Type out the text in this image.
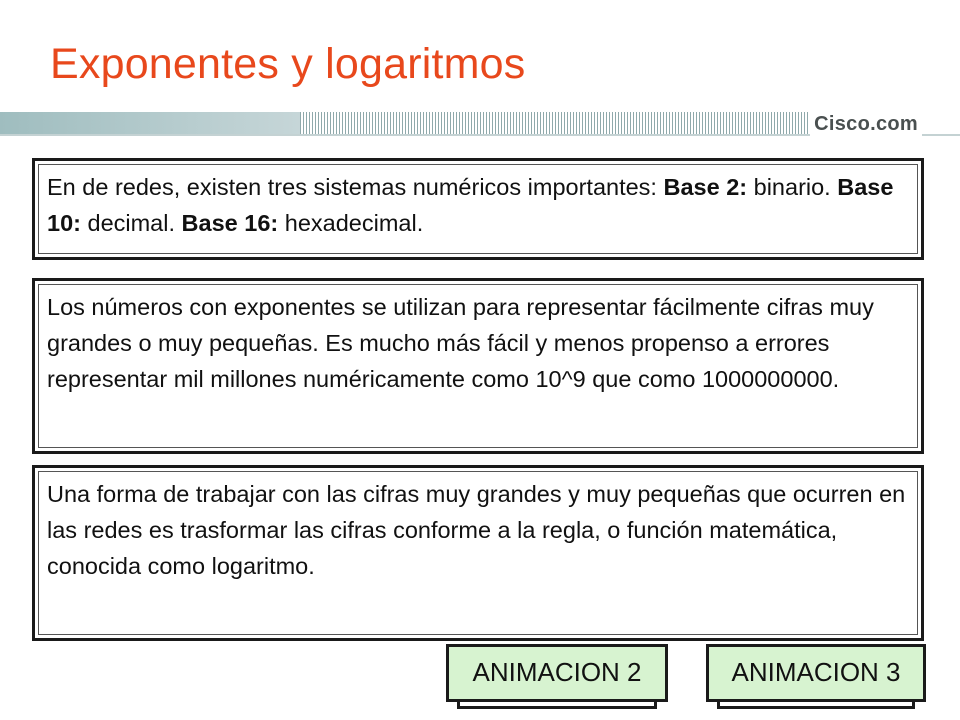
Exponentes y logaritmos
Cisco.com
En de redes, existen tres sistemas numéricos importantes: Base 2: binario. Base 10: decimal. Base 16: hexadecimal.
Los números con exponentes se utilizan para representar fácilmente cifras muy grandes o muy pequeñas. Es mucho más fácil y menos propenso a errores representar mil millones numéricamente como 10^9 que como 1000000000.
Una forma de trabajar con las cifras muy grandes y muy pequeñas que ocurren en las redes es trasformar las cifras conforme a la regla, o función matemática, conocida como logaritmo.
ANIMACION 2	ANIMACION 3
